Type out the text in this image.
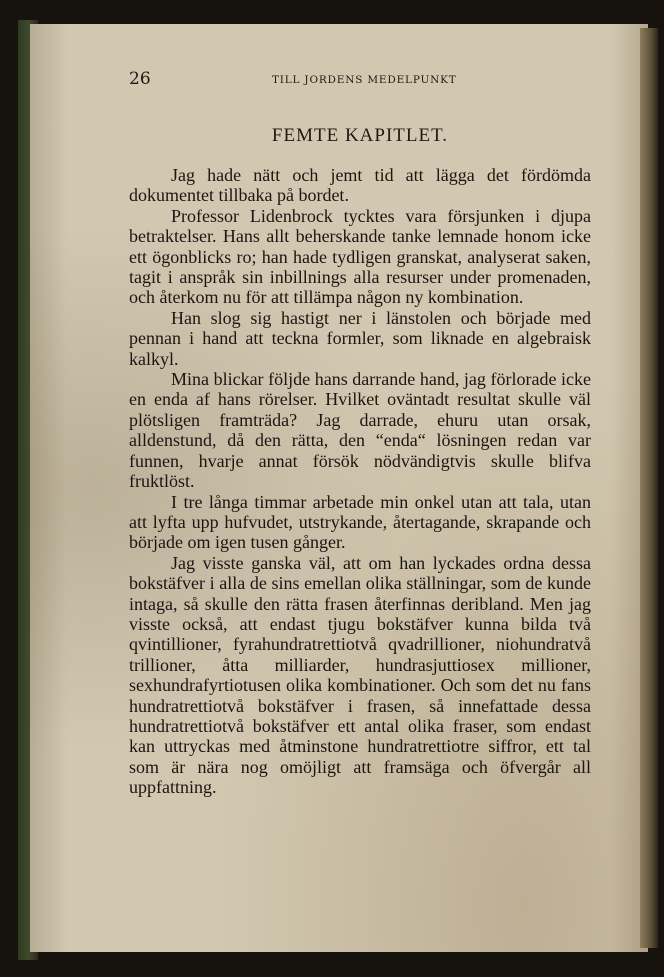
26	TILL JORDENS MEDELPUNKT
FEMTE KAPITLET.

Jag hade nätt och jemt tid att lägga det fördömda dokumentet tillbaka på bordet.

Professor Lidenbrock tycktes vara försjunken i djupa betraktelser. Hans allt beherskande tanke lemnade honom icke ett ögonblicks ro; han hade tydligen granskat, analyserat saken, tagit i anspråk sin inbillnings alla resurser under promenaden, och återkom nu för att tillämpa någon ny kombination.

Han slog sig hastigt ner i länstolen och började med pennan i hand att teckna formler, som liknade en algebraisk kalkyl.

Mina blickar följde hans darrande hand, jag förlorade icke en enda af hans rörelser. Hvilket oväntadt resultat skulle väl plötsligen framträda? Jag darrade, ehuru utan orsak, alldenstund, då den rätta, den “enda“ lösningen redan var funnen, hvarje annat försök nödvändigtvis skulle blifva fruktlöst.

I tre långa timmar arbetade min onkel utan att tala, utan att lyfta upp hufvudet, utstrykande, återtagande, skrapande och började om igen tusen gånger.

Jag visste ganska väl, att om han lyckades ordna dessa bokstäfver i alla de sins emellan olika ställningar, som de kunde intaga, så skulle den rätta frasen återfinnas deribland. Men jag visste också, att endast tjugu bokstäfver kunna bilda två qvintillioner, fyrahundratrettiotvå qvadrillioner, niohundratvå trillioner, åtta milliarder, hundrasjuttiosex millioner, sexhundrafyrtiotusen olika kombinationer. Och som det nu fans hundratrettiotvå bokstäfver i frasen, så innefattade dessa hundratrettiotvå bokstäfver ett antal olika fraser, som endast kan uttryckas med åtminstone hundratrettiotre siffror, ett tal som är nära nog omöjligt att framsäga och öfvergår all uppfattning.
